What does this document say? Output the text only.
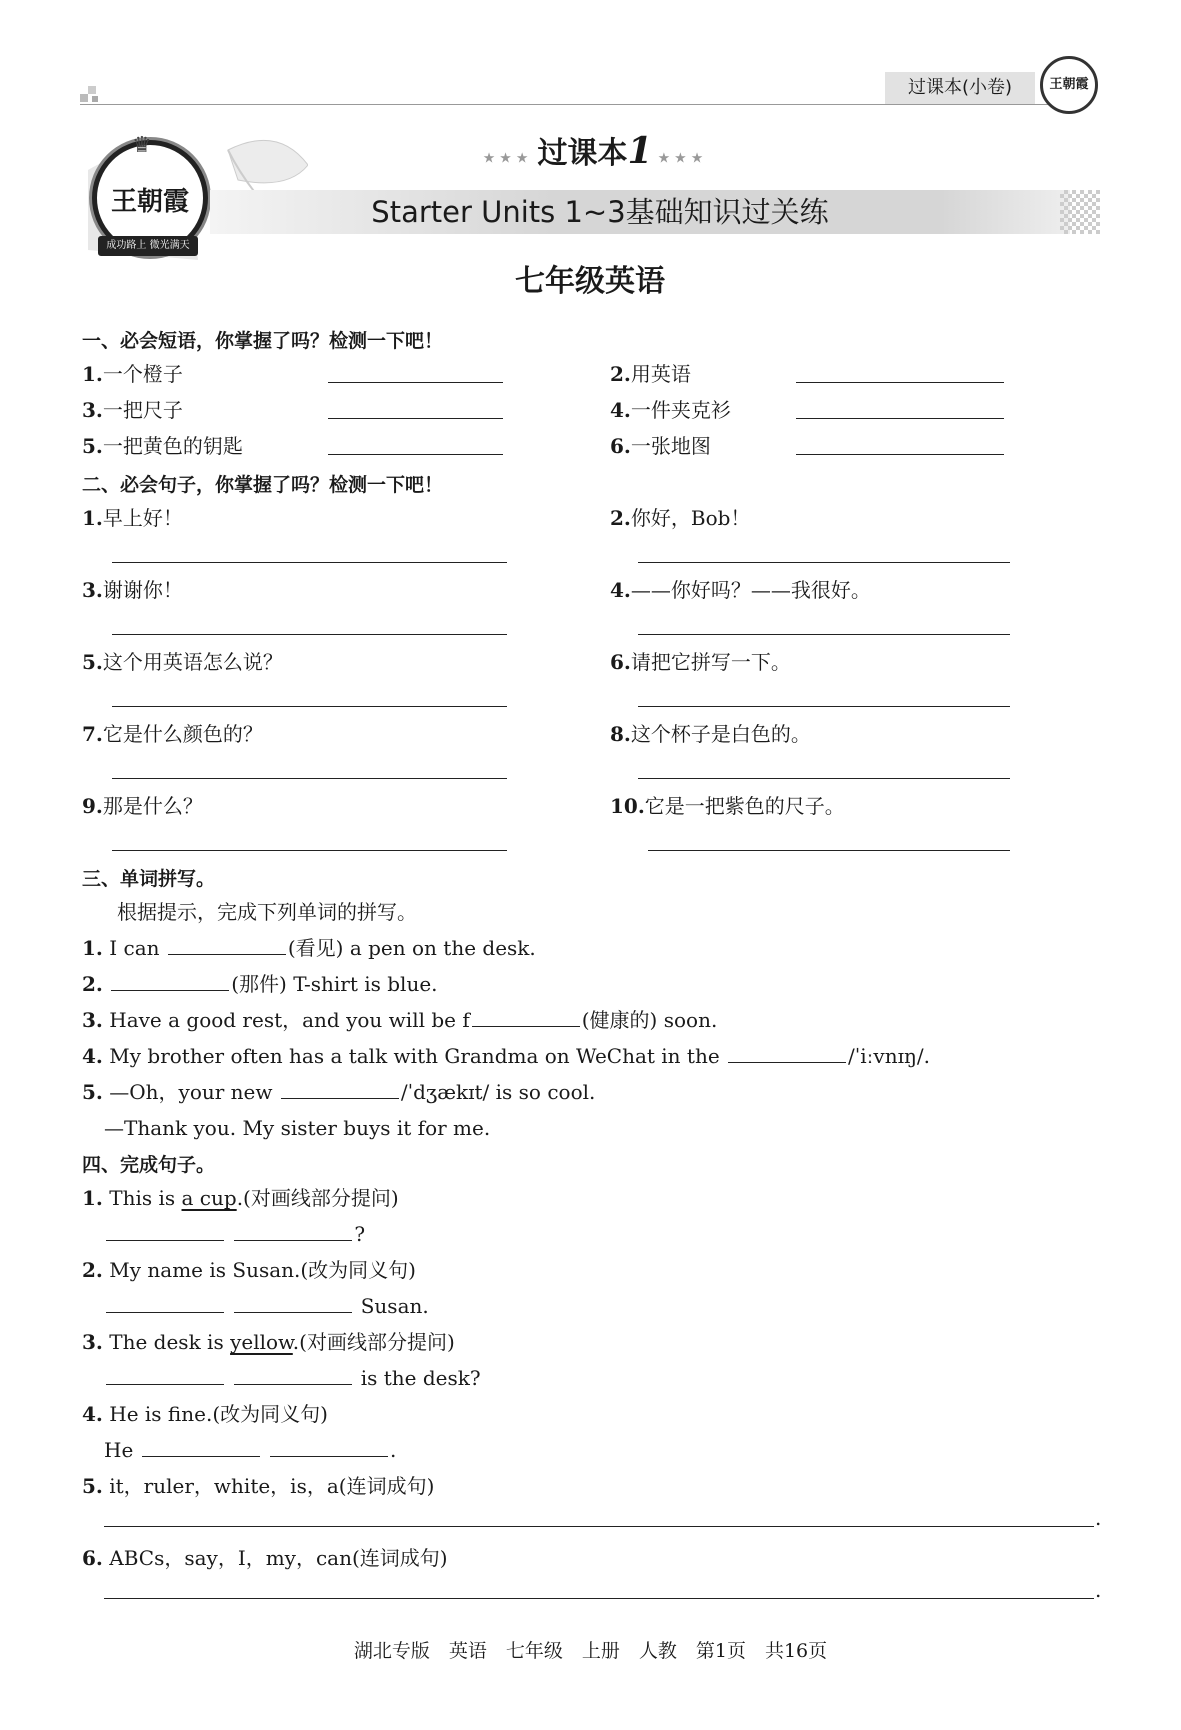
过课本(小卷)	王朝霞
♛
王朝霞
成功路上 微光满天
★★★ 过课本1 ★★★
Starter Units 1~3基础知识过关练
七年级英语
一、必会短语，你掌握了吗？检测一下吧！
1.一个橙子	2.用英语
3.一把尺子	4.一件夹克衫
5.一把黄色的钥匙	6.一张地图
二、必会句子，你掌握了吗？检测一下吧！
1.早上好！	2.你好，Bob！
3.谢谢你！	4.——你好吗？——我很好。
5.这个用英语怎么说？	6.请把它拼写一下。
7.它是什么颜色的？	8.这个杯子是白色的。
9.那是什么？	10.它是一把紫色的尺子。
三、单词拼写。
根据提示，完成下列单词的拼写。
1. I can	(看见) a pen on the desk.
2.	(那件) T-shirt is blue.
3. Have a good rest，and you will be f	(健康的) soon.
4. My brother often has a talk with Grandma on WeChat in the	/ˈiːvnɪŋ/.
5. —Oh，your new	/ˈdʒækɪt/ is so cool.
—Thank you. My sister buys it for me.
四、完成句子。
1. This is a cup.(对画线部分提问)
?
2. My name is Susan.(改为同义句)
Susan.
3. The desk is yellow.(对画线部分提问)
is the desk?
4. He is fine.(改为同义句)
He	.
5. it，ruler，white，is，a(连词成句)
.
6. ABCs，say，I，my，can(连词成句)
.
湖北专版　英语　七年级　上册　人教　第1页　共16页
